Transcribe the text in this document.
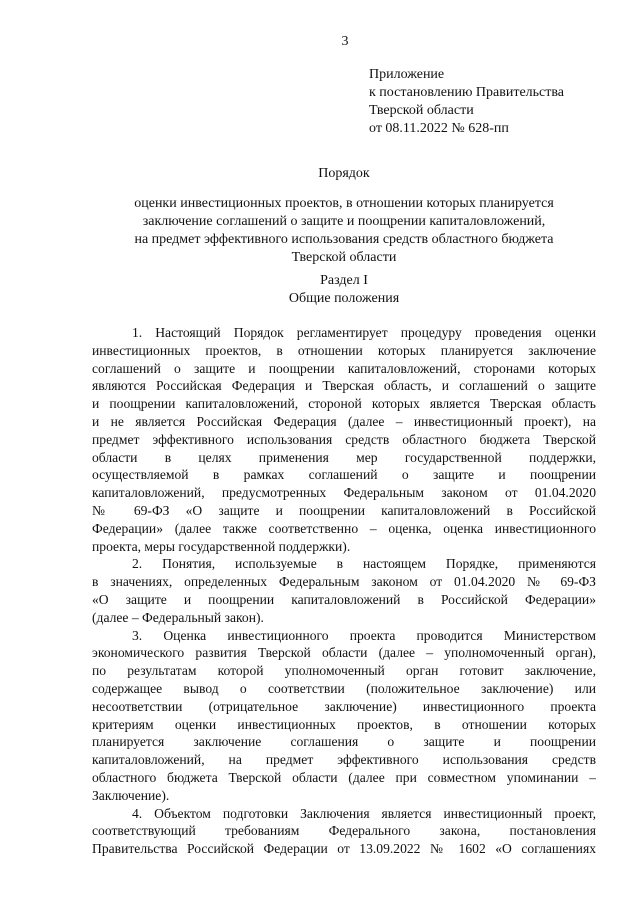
3
Приложение
к постановлению Правительства
Тверской области
от 08.11.2022 № 628-пп
Порядок
оценки инвестиционных проектов, в отношении которых планируется
заключение соглашений о защите и поощрении капиталовложений,
на предмет эффективного использования средств областного бюджета
Тверской области
Раздел I
Общие положения
1. Настоящий Порядок регламентирует процедуру проведения оценки
инвестиционных проектов, в отношении которых планируется заключение
соглашений о защите и поощрении капиталовложений, сторонами которых
являются Российская Федерация и Тверская область, и соглашений о защите
и поощрении капиталовложений, стороной которых является Тверская область
и не является Российская Федерация (далее – инвестиционный проект), на
предмет эффективного использования средств областного бюджета Тверской
области в целях применения мер государственной поддержки,
осуществляемой в рамках соглашений о защите и поощрении
капиталовложений, предусмотренных Федеральным законом от 01.04.2020
№ 69-ФЗ «О защите и поощрении капиталовложений в Российской
Федерации» (далее также соответственно – оценка, оценка инвестиционного
проекта, меры государственной поддержки).
2. Понятия, используемые в настоящем Порядке, применяются
в значениях, определенных Федеральным законом от 01.04.2020 № 69-ФЗ
«О защите и поощрении капиталовложений в Российской Федерации»
(далее – Федеральный закон).
3. Оценка инвестиционного проекта проводится Министерством
экономического развития Тверской области (далее – уполномоченный орган),
по результатам которой уполномоченный орган готовит заключение,
содержащее вывод о соответствии (положительное заключение) или
несоответствии (отрицательное заключение) инвестиционного проекта
критериям оценки инвестиционных проектов, в отношении которых
планируется заключение соглашения о защите и поощрении
капиталовложений, на предмет эффективного использования средств
областного бюджета Тверской области (далее при совместном упоминании –
Заключение).
4. Объектом подготовки Заключения является инвестиционный проект,
соответствующий требованиям Федерального закона, постановления
Правительства Российской Федерации от 13.09.2022 № 1602 «О соглашениях
